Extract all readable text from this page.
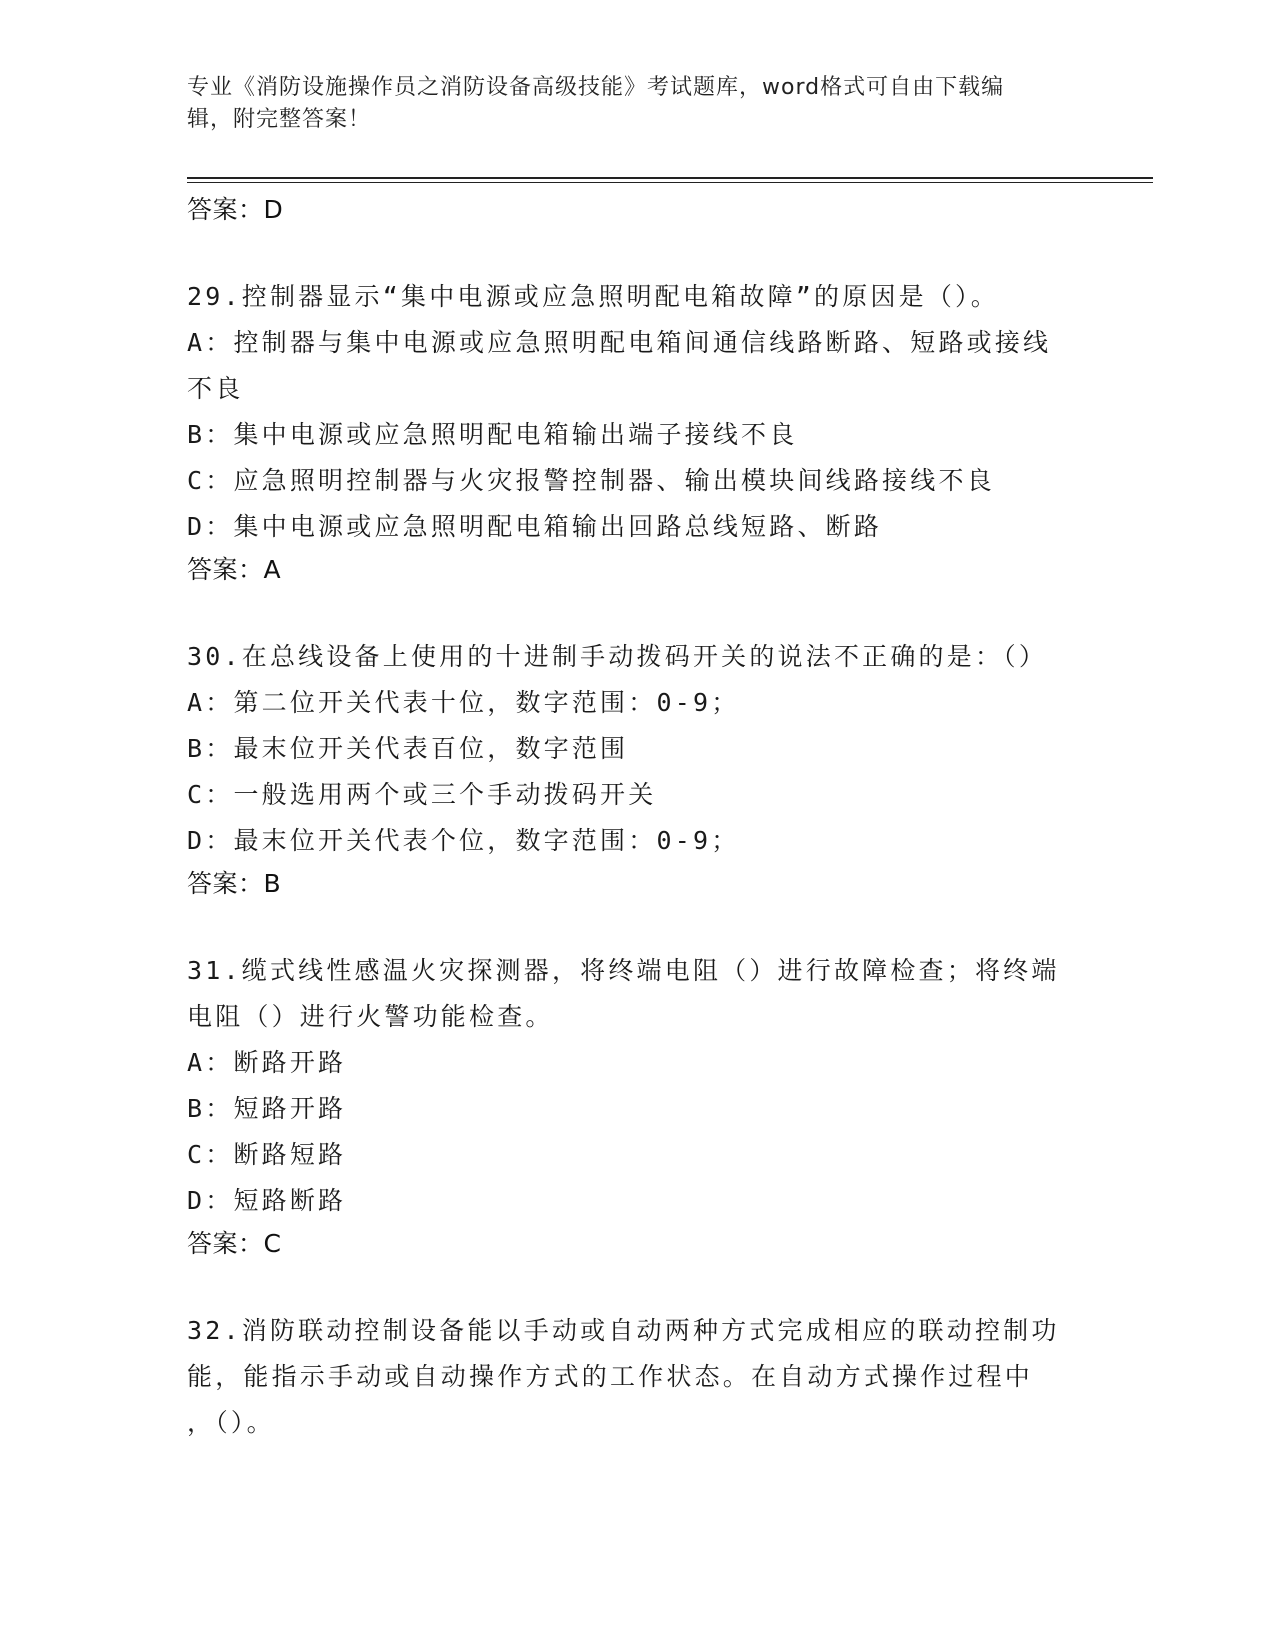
专业《消防设施操作员之消防设备高级技能》考试题库，word格式可自由下载编
辑，附完整答案！
答案：D
29.控制器显示“集中电源或应急照明配电箱故障”的原因是（）。
A：控制器与集中电源或应急照明配电箱间通信线路断路、短路或接线
不良
B：集中电源或应急照明配电箱输出端子接线不良
C：应急照明控制器与火灾报警控制器、输出模块间线路接线不良
D：集中电源或应急照明配电箱输出回路总线短路、断路
答案：A
30.在总线设备上使用的十进制手动拨码开关的说法不正确的是：（）
A：第二位开关代表十位，数字范围：0-9；
B：最末位开关代表百位，数字范围
C：一般选用两个或三个手动拨码开关
D：最末位开关代表个位，数字范围：0-9；
答案：B
31.缆式线性感温火灾探测器，将终端电阻（）进行故障检查；将终端
电阻（）进行火警功能检查。
A：断路开路
B：短路开路
C：断路短路
D：短路断路
答案：C
32.消防联动控制设备能以手动或自动两种方式完成相应的联动控制功
能，能指示手动或自动操作方式的工作状态。在自动方式操作过程中
，（）。
